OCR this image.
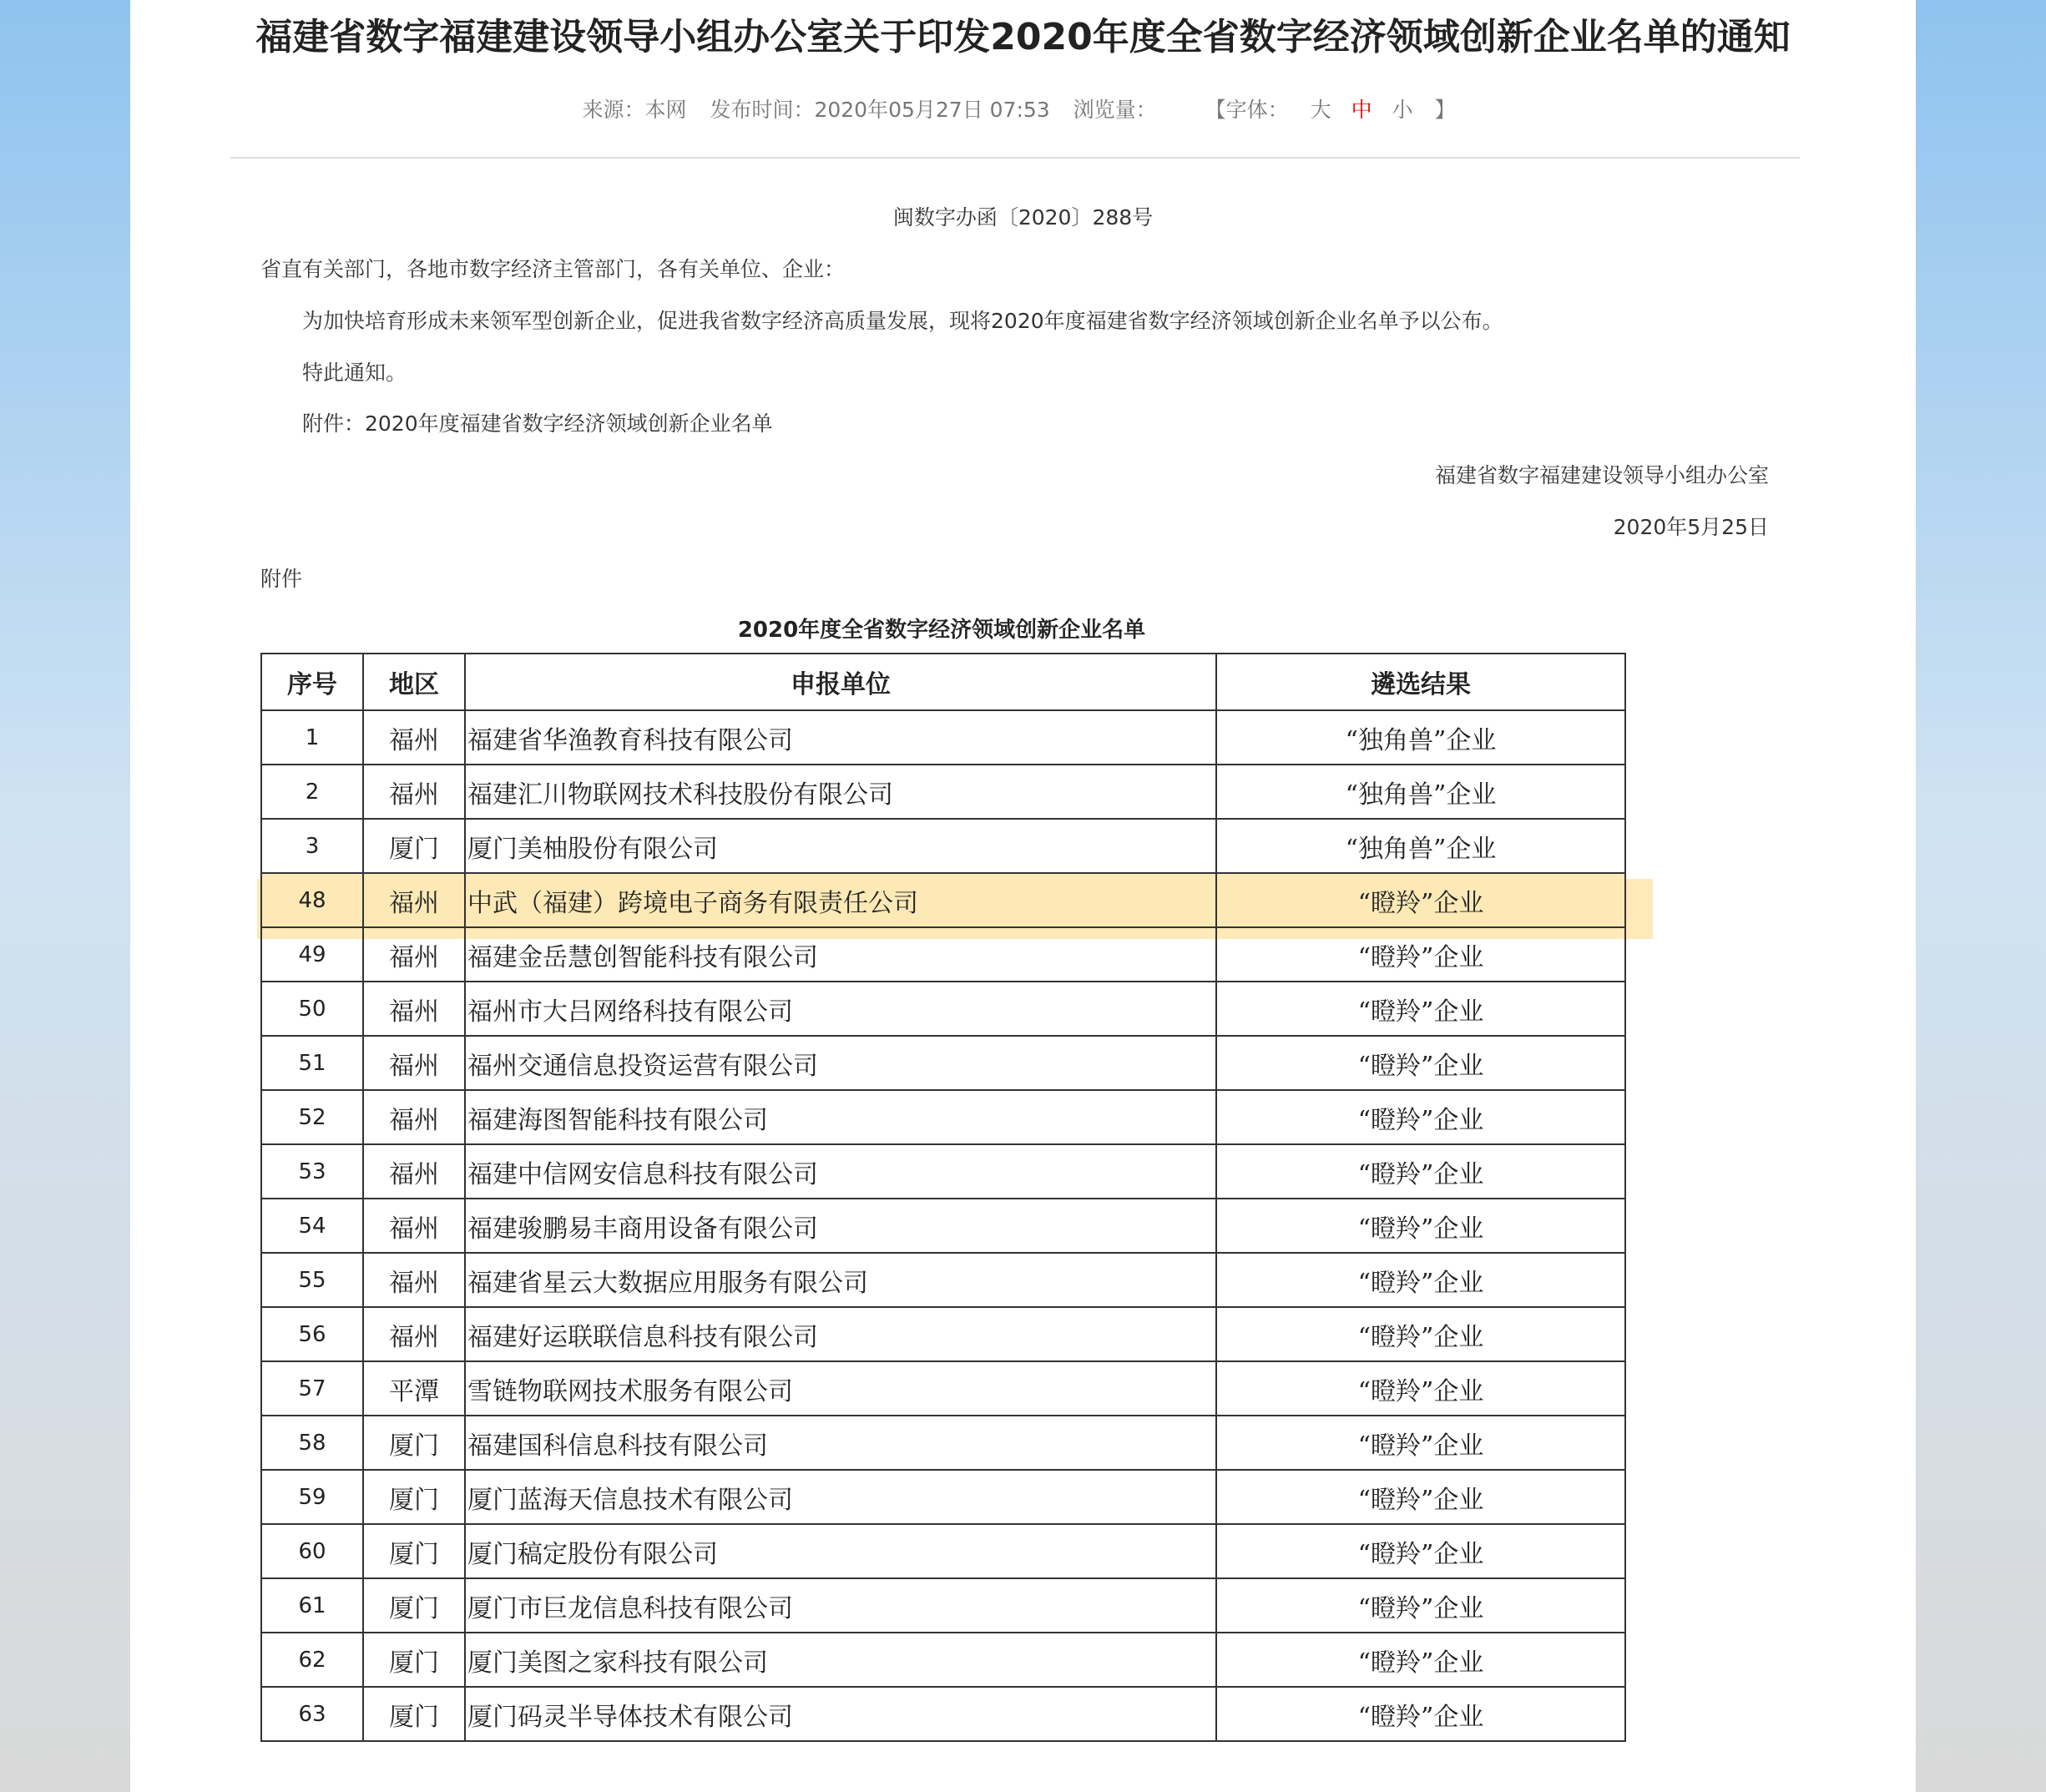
福建省数字福建建设领导小组办公室关于印发2020年度全省数字经济领域创新企业名单的通知
来源：本网 发布时间：2020年05月27日 07:53 浏览量： 【字体： 大 中 小 】
闽数字办函〔2020〕288号
省直有关部门，各地市数字经济主管部门，各有关单位、企业：
为加快培育形成未来领军型创新企业，促进我省数字经济高质量发展，现将2020年度福建省数字经济领域创新企业名单予以公布。
特此通知。
附件：2020年度福建省数字经济领域创新企业名单
福建省数字福建建设领导小组办公室
2020年5月25日
附件
2020年度全省数字经济领域创新企业名单
序号	地区	申报单位	遴选结果
1	福州	福建省华渔教育科技有限公司	“独角兽”企业
2	福州	福建汇川物联网技术科技股份有限公司	“独角兽”企业
3	厦门	厦门美柚股份有限公司	“独角兽”企业
48	福州	中武（福建）跨境电子商务有限责任公司	“瞪羚”企业
49	福州	福建金岳慧创智能科技有限公司	“瞪羚”企业
50	福州	福州市大吕网络科技有限公司	“瞪羚”企业
51	福州	福州交通信息投资运营有限公司	“瞪羚”企业
52	福州	福建海图智能科技有限公司	“瞪羚”企业
53	福州	福建中信网安信息科技有限公司	“瞪羚”企业
54	福州	福建骏鹏易丰商用设备有限公司	“瞪羚”企业
55	福州	福建省星云大数据应用服务有限公司	“瞪羚”企业
56	福州	福建好运联联信息科技有限公司	“瞪羚”企业
57	平潭	雪链物联网技术服务有限公司	“瞪羚”企业
58	厦门	福建国科信息科技有限公司	“瞪羚”企业
59	厦门	厦门蓝海天信息技术有限公司	“瞪羚”企业
60	厦门	厦门稿定股份有限公司	“瞪羚”企业
61	厦门	厦门市巨龙信息科技有限公司	“瞪羚”企业
62	厦门	厦门美图之家科技有限公司	“瞪羚”企业
63	厦门	厦门码灵半导体技术有限公司	“瞪羚”企业
